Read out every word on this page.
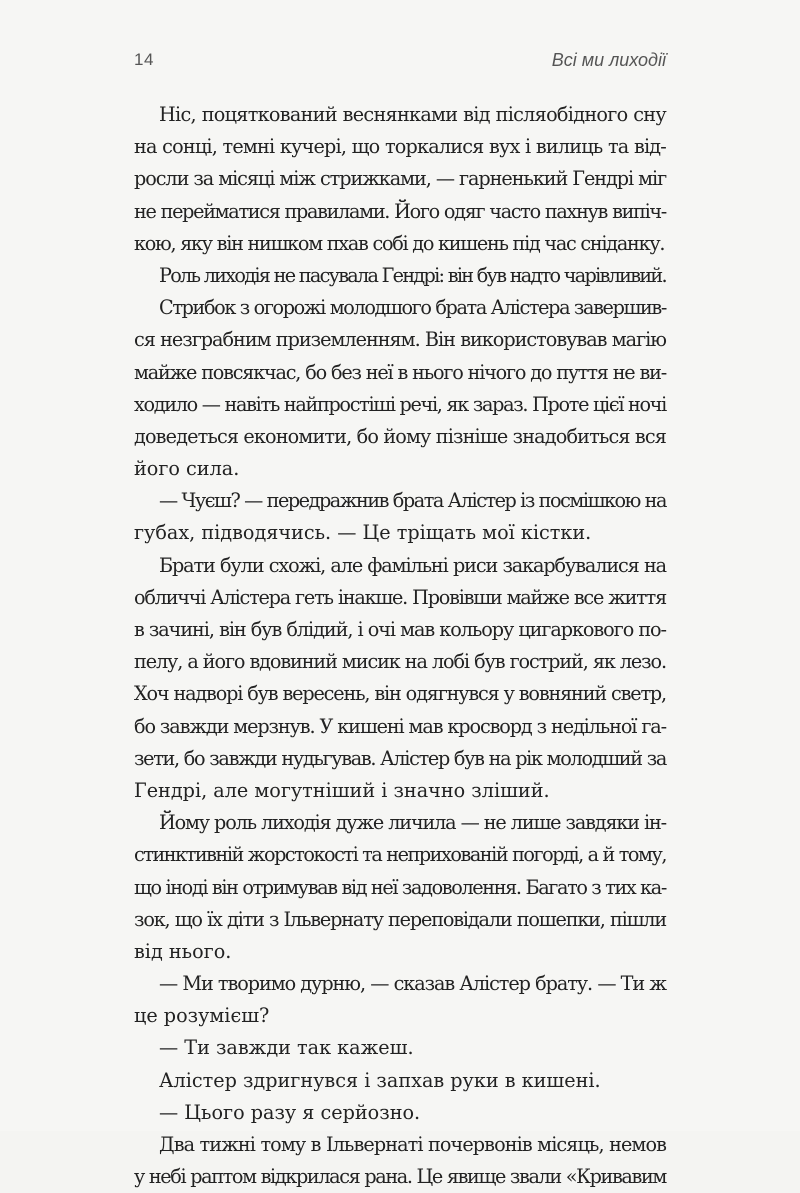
14	Всі ми лиходії
Ніс, поцяткований веснянками від післяобідного сну
на сонці, темні кучері, що торкалися вух і вилиць та від-
росли за місяці між стрижками, — гарненький Гендрі міг
не перейматися правилами. Його одяг часто пахнув випіч-
кою, яку він нишком пхав собі до кишень під час сніданку.
Роль лиходія не пасувала Гендрі: він був надто чарівливий.
Стрибок з огорожі молодшого брата Алістера завершив-
ся незграбним приземленням. Він використовував магію
майже повсякчас, бо без неї в нього нічого до пуття не ви-
ходило — навіть найпростіші речі, як зараз. Проте цієї ночі
доведеться економити, бо йому пізніше знадобиться вся
його сила.
— Чуєш? — передражнив брата Алістер із посмішкою на
губах, підводячись. — Це тріщать мої кістки.
Брати були схожі, але фамільні риси закарбувалися на
обличчі Алістера геть інакше. Провівши майже все життя
в зачині, він був блідий, і очі мав кольору цигаркового по-
пелу, а його вдовиний мисик на лобі був гострий, як лезо.
Хоч надворі був вересень, він одягнувся у вовняний светр,
бо завжди мерзнув. У кишені мав кросворд з недільної га-
зети, бо завжди нудьгував. Алістер був на рік молодший за
Гендрі, але могутніший і значно зліший.
Йому роль лиходія дуже личила — не лише завдяки ін-
стинктивній жорстокості та неприхованій погорді, а й тому,
що іноді він отримував від неї задоволення. Багато з тих ка-
зок, що їх діти з Ільвернату переповідали пошепки, пішли
від нього.
— Ми творимо дурню, — сказав Алістер брату. — Ти ж
це розумієш?
— Ти завжди так кажеш.
Алістер здригнувся і запхав руки в кишені.
— Цього разу я серйозно.
Два тижні тому в Ільвернаті почервонів місяць, немов
у небі раптом відкрилася рана. Це явище звали «Кривавим
